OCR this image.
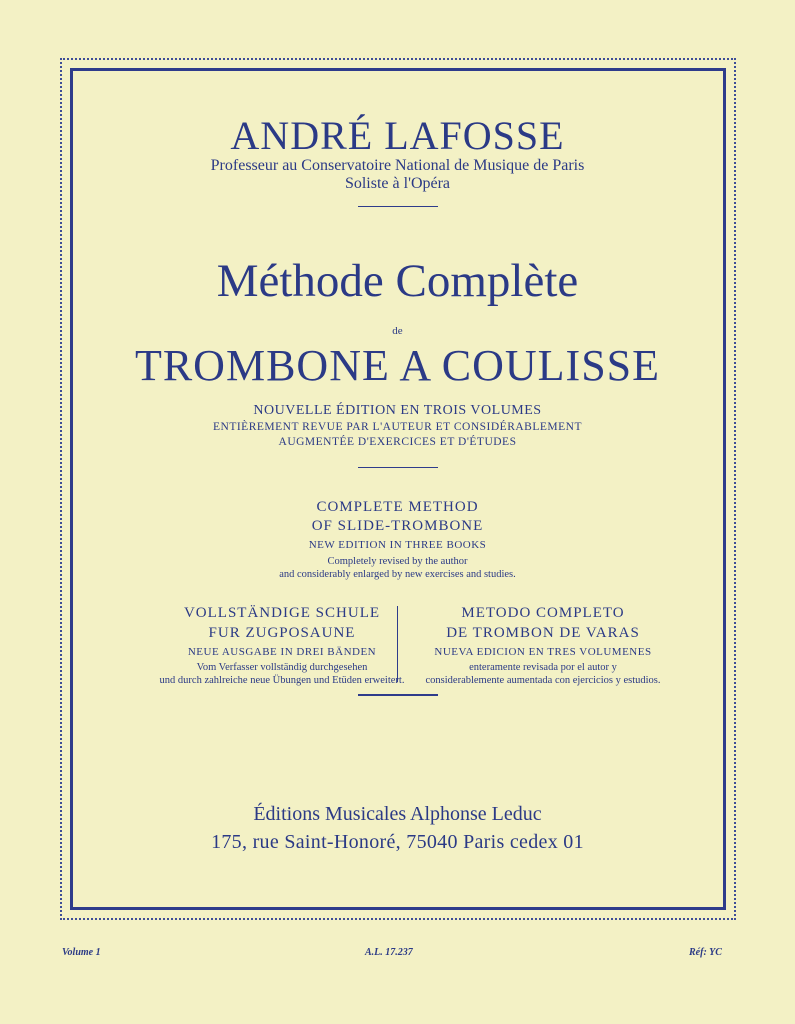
ANDRÉ LAFOSSE
Professeur au Conservatoire National de Musique de Paris
Soliste à l'Opéra
Méthode Complète
de
TROMBONE A COULISSE
NOUVELLE ÉDITION EN TROIS VOLUMES
ENTIÈREMENT REVUE PAR L'AUTEUR ET CONSIDÉRABLEMENT
AUGMENTÉE D'EXERCICES ET D'ÉTUDES
COMPLETE METHOD
OF SLIDE-TROMBONE
NEW EDITION IN THREE BOOKS
Completely revised by the author
and considerably enlarged by new exercises and studies.
VOLLSTÄNDIGE SCHULE
FUR ZUGPOSAUNE
NEUE AUSGABE IN DREI BÄNDEN
Vom Verfasser vollständig durchgesehen
und durch zahlreiche neue Übungen und Etüden erweitert.
METODO COMPLETO
DE TROMBON DE VARAS
NUEVA EDICION EN TRES VOLUMENES
enteramente revisada por el autor y
considerablemente aumentada con ejercicios y estudios.
Éditions Musicales Alphonse Leduc
175, rue Saint-Honoré, 75040 Paris cedex 01
Volume 1	A.L. 17.237	Réf: YC
